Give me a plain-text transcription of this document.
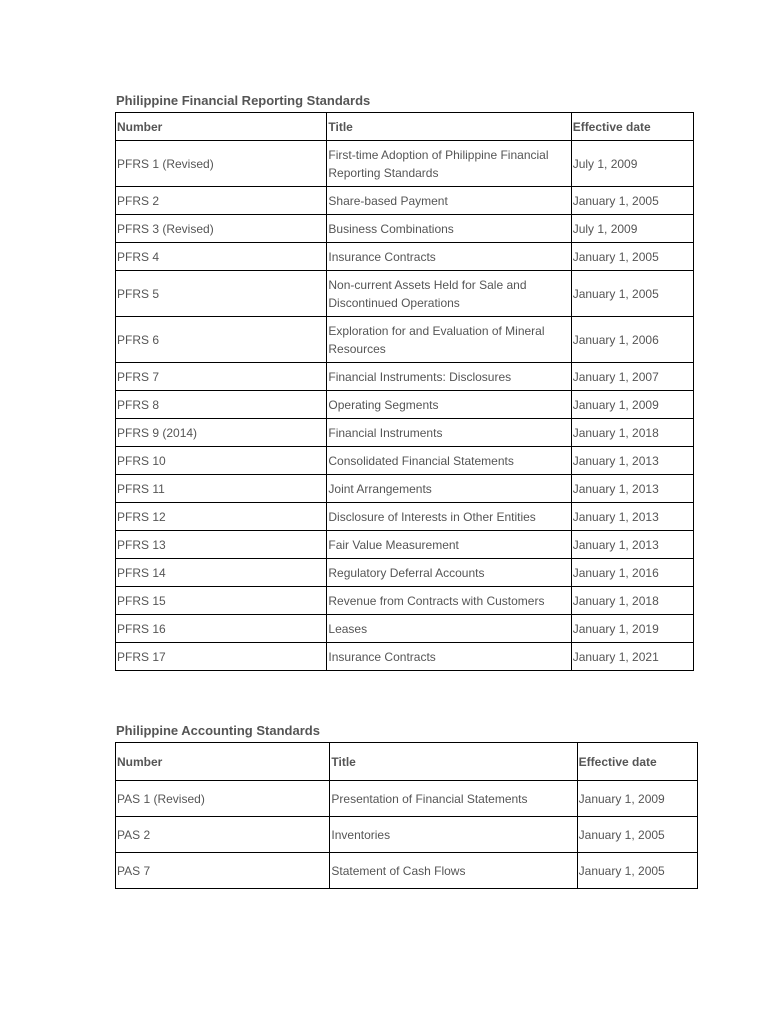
Philippine Financial Reporting Standards
Number	Title	Effective date
PFRS 1 (Revised)	First-time Adoption of Philippine Financial Reporting Standards	July 1, 2009
PFRS 2	Share-based Payment	January 1, 2005
PFRS 3 (Revised)	Business Combinations	July 1, 2009
PFRS 4	Insurance Contracts	January 1, 2005
PFRS 5	Non-current Assets Held for Sale and Discontinued Operations	January 1, 2005
PFRS 6	Exploration for and Evaluation of Mineral Resources	January 1, 2006
PFRS 7	Financial Instruments: Disclosures	January 1, 2007
PFRS 8	Operating Segments	January 1, 2009
PFRS 9 (2014)	Financial Instruments	January 1, 2018
PFRS 10	Consolidated Financial Statements	January 1, 2013
PFRS 11	Joint Arrangements	January 1, 2013
PFRS 12	Disclosure of Interests in Other Entities	January 1, 2013
PFRS 13	Fair Value Measurement	January 1, 2013
PFRS 14	Regulatory Deferral Accounts	January 1, 2016
PFRS 15	Revenue from Contracts with Customers	January 1, 2018
PFRS 16	Leases	January 1, 2019
PFRS 17	Insurance Contracts	January 1, 2021
Philippine Accounting Standards
Number	Title	Effective date
PAS 1 (Revised)	Presentation of Financial Statements	January 1, 2009
PAS 2	Inventories	January 1, 2005
PAS 7	Statement of Cash Flows	January 1, 2005
